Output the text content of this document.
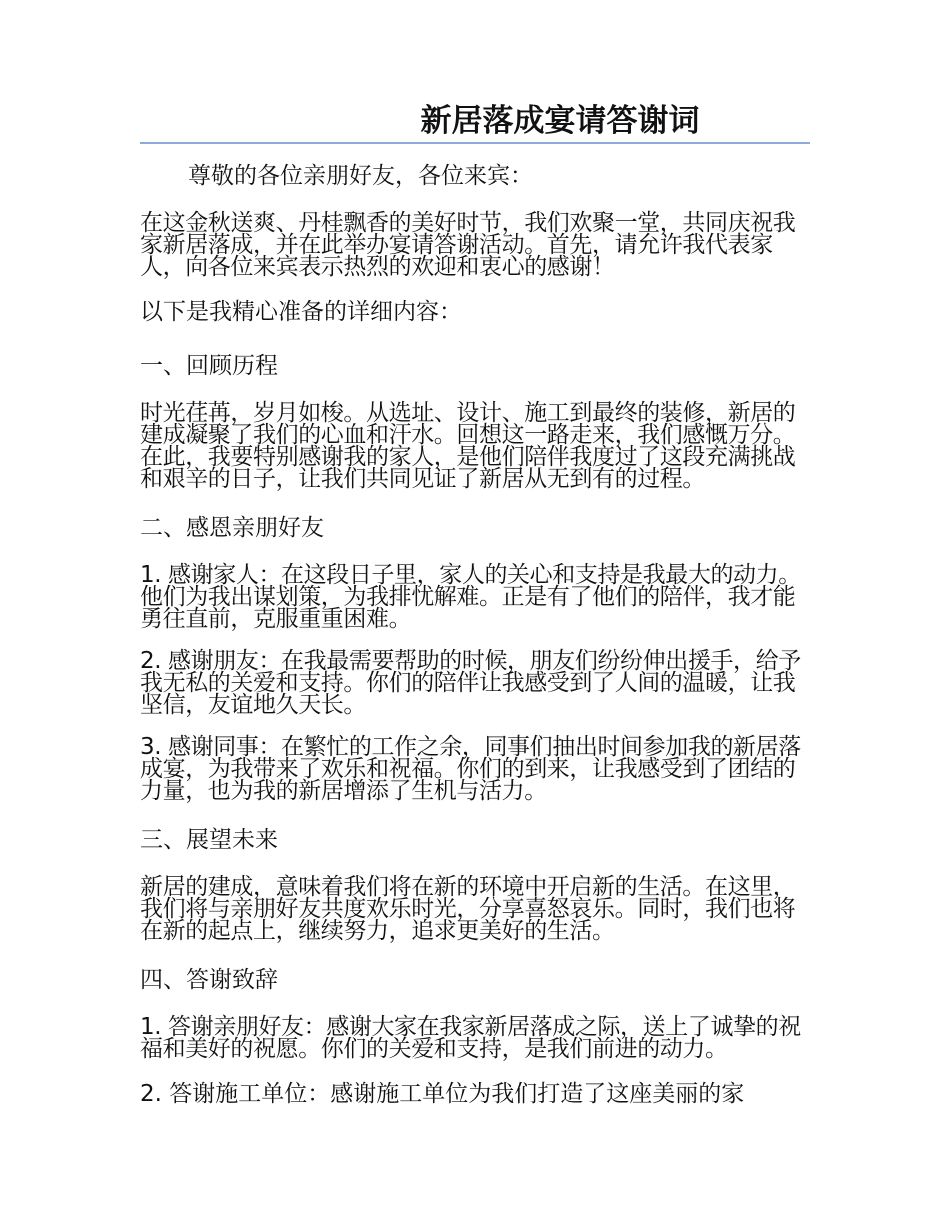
新居落成宴请答谢词
尊敬的各位亲朋好友，各位来宾：

在这金秋送爽、丹桂飘香的美好时节，我们欢聚一堂，共同庆祝我家新居落成，并在此举办宴请答谢活动。首先，请允许我代表家人，向各位来宾表示热烈的欢迎和衷心的感谢！

以下是我精心准备的详细内容：
一、回顾历程

时光荏苒，岁月如梭。从选址、设计、施工到最终的装修，新居的建成凝聚了我们的心血和汗水。回想这一路走来，我们感慨万分。在此，我要特别感谢我的家人，是他们陪伴我度过了这段充满挑战和艰辛的日子，让我们共同见证了新居从无到有的过程。

二、感恩亲朋好友

1. 感谢家人：在这段日子里，家人的关心和支持是我最大的动力。他们为我出谋划策，为我排忧解难。正是有了他们的陪伴，我才能勇往直前，克服重重困难。

2. 感谢朋友：在我最需要帮助的时候，朋友们纷纷伸出援手，给予我无私的关爱和支持。你们的陪伴让我感受到了人间的温暖，让我坚信，友谊地久天长。

3. 感谢同事：在繁忙的工作之余，同事们抽出时间参加我的新居落成宴，为我带来了欢乐和祝福。你们的到来，让我感受到了团结的力量，也为我的新居增添了生机与活力。

三、展望未来

新居的建成，意味着我们将在新的环境中开启新的生活。在这里，我们将与亲朋好友共度欢乐时光，分享喜怒哀乐。同时，我们也将在新的起点上，继续努力，追求更美好的生活。

四、答谢致辞

1. 答谢亲朋好友：感谢大家在我家新居落成之际，送上了诚挚的祝福和美好的祝愿。你们的关爱和支持，是我们前进的动力。

2. 答谢施工单位：感谢施工单位为我们打造了这座美丽的家
